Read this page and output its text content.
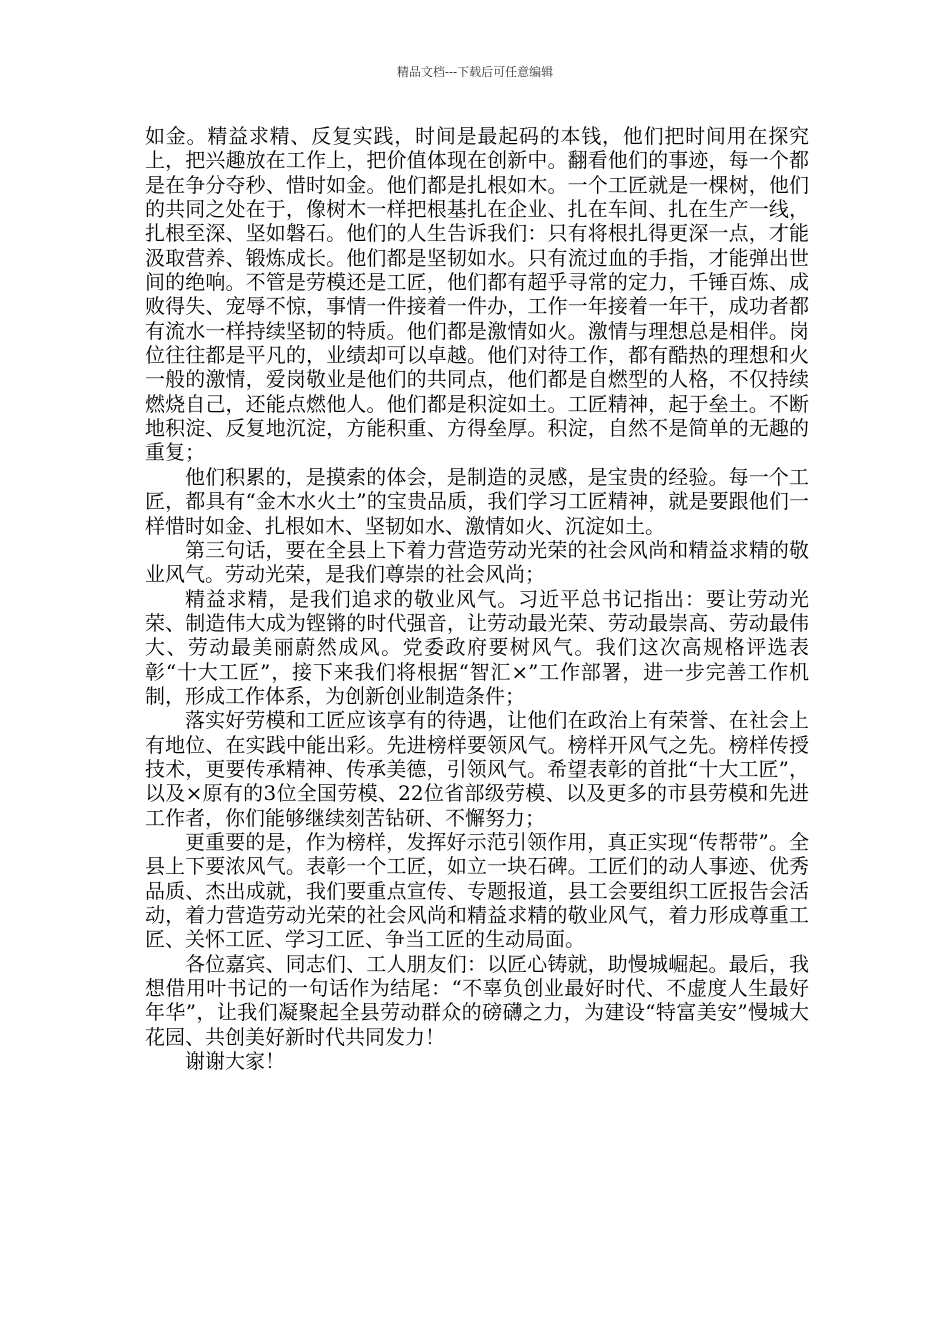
精品文档---下载后可任意编辑

如金。精益求精、反复实践，时间是最起码的本钱，他们把时间用在探究上，把兴趣放在工作上，把价值体现在创新中。翻看他们的事迹，每一个都是在争分夺秒、惜时如金。他们都是扎根如木。一个工匠就是一棵树，他们的共同之处在于，像树木一样把根基扎在企业、扎在车间、扎在生产一线，扎根至深、坚如磐石。他们的人生告诉我们：只有将根扎得更深一点，才能汲取营养、锻炼成长。他们都是坚韧如水。只有流过血的手指，才能弹出世间的绝响。不管是劳模还是工匠，他们都有超乎寻常的定力，千锤百炼、成败得失、宠辱不惊，事情一件接着一件办，工作一年接着一年干，成功者都有流水一样持续坚韧的特质。他们都是激情如火。激情与理想总是相伴。岗位往往都是平凡的，业绩却可以卓越。他们对待工作，都有酷热的理想和火一般的激情，爱岗敬业是他们的共同点，他们都是自燃型的人格，不仅持续燃烧自己，还能点燃他人。他们都是积淀如土。工匠精神，起于垒土。不断地积淀、反复地沉淀，方能积重、方得垒厚。积淀，自然不是简单的无趣的重复；

他们积累的，是摸索的体会，是制造的灵感，是宝贵的经验。每一个工匠，都具有“金木水火土”的宝贵品质，我们学习工匠精神，就是要跟他们一样惜时如金、扎根如木、坚韧如水、激情如火、沉淀如土。

第三句话，要在全县上下着力营造劳动光荣的社会风尚和精益求精的敬业风气。劳动光荣，是我们尊崇的社会风尚；

精益求精，是我们追求的敬业风气。习近平总书记指出：要让劳动光荣、制造伟大成为铿锵的时代强音，让劳动最光荣、劳动最崇高、劳动最伟大、劳动最美丽蔚然成风。党委政府要树风气。我们这次高规格评选表彰“十大工匠”，接下来我们将根据“智汇×”工作部署，进一步完善工作机制，形成工作体系，为创新创业制造条件；

落实好劳模和工匠应该享有的待遇，让他们在政治上有荣誉、在社会上有地位、在实践中能出彩。先进榜样要领风气。榜样开风气之先。榜样传授技术，更要传承精神、传承美德，引领风气。希望表彰的首批“十大工匠”，以及×原有的3位全国劳模、22位省部级劳模、以及更多的市县劳模和先进工作者，你们能够继续刻苦钻研、不懈努力；

更重要的是，作为榜样，发挥好示范引领作用，真正实现“传帮带”。全县上下要浓风气。表彰一个工匠，如立一块石碑。工匠们的动人事迹、优秀品质、杰出成就，我们要重点宣传、专题报道，县工会要组织工匠报告会活动，着力营造劳动光荣的社会风尚和精益求精的敬业风气，着力形成尊重工匠、关怀工匠、学习工匠、争当工匠的生动局面。

各位嘉宾、同志们、工人朋友们：以匠心铸就，助慢城崛起。最后，我想借用叶书记的一句话作为结尾：“不辜负创业最好时代、不虚度人生最好年华”，让我们凝聚起全县劳动群众的磅礴之力，为建设“特富美安”慢城大花园、共创美好新时代共同发力！

谢谢大家！
